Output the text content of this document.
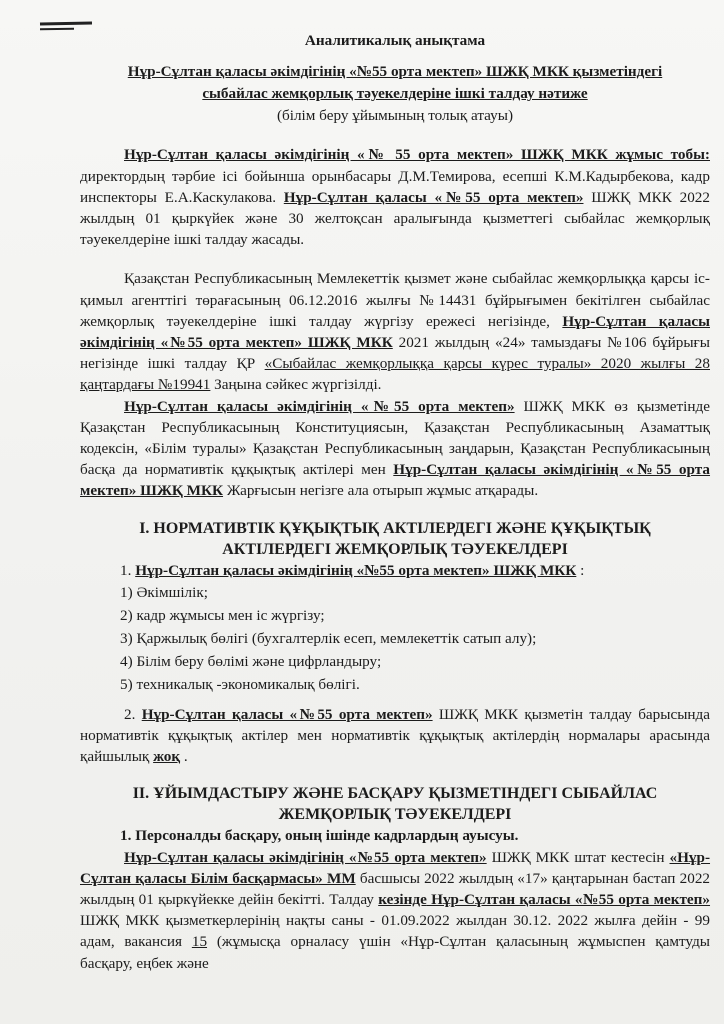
Аналитикалық анықтама
Нұр-Сұлтан қаласы әкімдігінің «№55 орта мектеп» ШЖҚ МКК қызметіндегі
сыбайлас жемқорлық тәуекелдеріне ішкі талдау нәтиже
(білім беру ұйымының толық атауы)

Нұр-Сұлтан қаласы әкімдігінің «№ 55 орта мектеп» ШЖҚ МКК жұмыс тобы: директордың тәрбие ісі бойынша орынбасары Д.М.Темирова, есепші К.М.Кадырбекова, кадр инспекторы Е.А.Каскулакова. Нұр-Сұлтан қаласы «№55 орта мектеп» ШЖҚ МКК 2022 жылдың 01 қыркүйек және 30 желтоқсан аралығында қызметтегі сыбайлас жемқорлық тәуекелдеріне ішкі талдау жасады.

Қазақстан Республикасының Мемлекеттік қызмет және сыбайлас жемқорлыққа қарсы іс-қимыл агенттігі төрағасының 06.12.2016 жылғы №14431 бұйрығымен бекітілген сыбайлас жемқорлық тәуекелдеріне ішкі талдау жүргізу ережесі негізінде, Нұр-Сұлтан қаласы әкімдігінің «№55 орта мектеп» ШЖҚ МКК 2021 жылдың «24» тамыздағы №106 бұйрығы негізінде ішкі талдау ҚР «Сыбайлас жемқорлыққа қарсы күрес туралы» 2020 жылғы 28 қаңтардағы №19941 Заңына сәйкес жүргізілді.

Нұр-Сұлтан қаласы әкімдігінің «№55 орта мектеп» ШЖҚ МКК өз қызметінде Қазақстан Республикасының Конституциясын, Қазақстан Республикасының Азаматтық кодексін, «Білім туралы» Қазақстан Республикасының заңдарын, Қазақстан Республикасының басқа да нормативтік құқықтық актілері мен Нұр-Сұлтан қаласы әкімдігінің «№55 орта мектеп» ШЖҚ МКК Жарғысын негізге ала отырып жұмыс атқарады.

I. НОРМАТИВТІК ҚҰҚЫҚТЫҚ АКТІЛЕРДЕГІ ЖӘНЕ ҚҰҚЫҚТЫҚ
АКТІЛЕРДЕГІ ЖЕМҚОРЛЫҚ ТӘУЕКЕЛДЕРІ
1. Нұр-Сұлтан қаласы әкімдігінің «№55 орта мектеп» ШЖҚ МКК :
1) Әкімшілік;
2) кадр жұмысы мен іс жүргізу;
3) Қаржылық бөлігі (бухгалтерлік есеп, мемлекеттік сатып алу);
4) Білім беру бөлімі және цифрландыру;
5) техникалық -экономикалық бөлігі.

2. Нұр-Сұлтан қаласы «№55 орта мектеп» ШЖҚ МКК қызметін талдау барысында нормативтік құқықтық актілер мен нормативтік құқықтық актілердің нормалары арасында қайшылық жоқ .

II. ҰЙЫМДАСТЫРУ ЖӘНЕ БАСҚАРУ ҚЫЗМЕТІНДЕГІ СЫБАЙЛАС
ЖЕМҚОРЛЫҚ ТӘУЕКЕЛДЕРІ
1. Персоналды басқару, оның ішінде кадрлардың ауысуы.

Нұр-Сұлтан қаласы әкімдігінің «№55 орта мектеп» ШЖҚ МКК штат кестесін «Нұр-Сұлтан қаласы Білім басқармасы» ММ басшысы 2022 жылдың «17» қаңтарынан бастап 2022 жылдың 01 қыркүйекке дейін бекітті. Талдау кезінде Нұр-Сұлтан қаласы «№55 орта мектеп» ШЖҚ МКК қызметкерлерінің нақты саны - 01.09.2022 жылдан 30.12. 2022 жылға дейін - 99 адам, вакансия 15 (жұмысқа орналасу үшін «Нұр-Сұлтан қаласының жұмыспен қамтуды басқару, еңбек және
